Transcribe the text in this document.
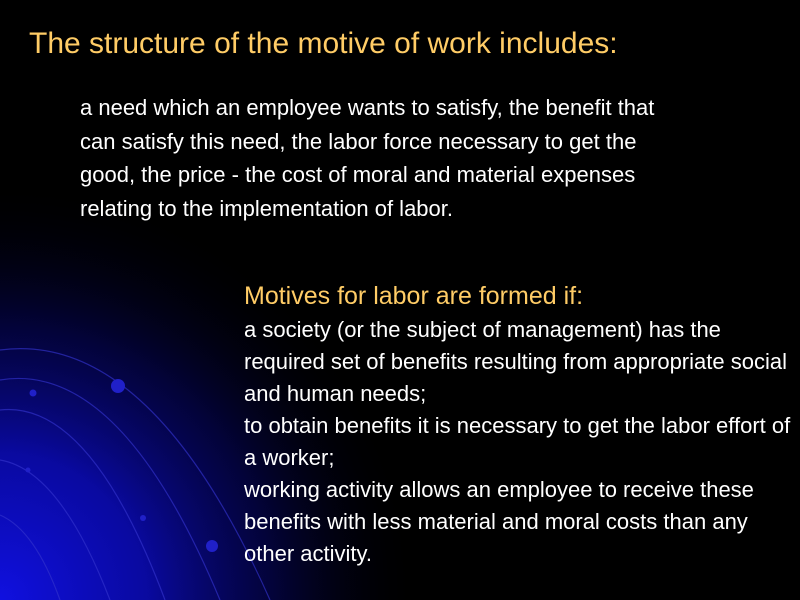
The structure of the motive of work includes:

a need which an employee wants to satisfy, the benefit that can satisfy this need, the labor force necessary to get the good, the price - the cost of moral and material expenses relating to the implementation of labor.

Motives for labor are formed if:

a society (or the subject of management) has the required set of benefits resulting from appropriate social and human needs;

to obtain benefits it is necessary to get the labor effort of a worker;

working activity allows an employee to receive these benefits with less material and moral costs than any other activity.
